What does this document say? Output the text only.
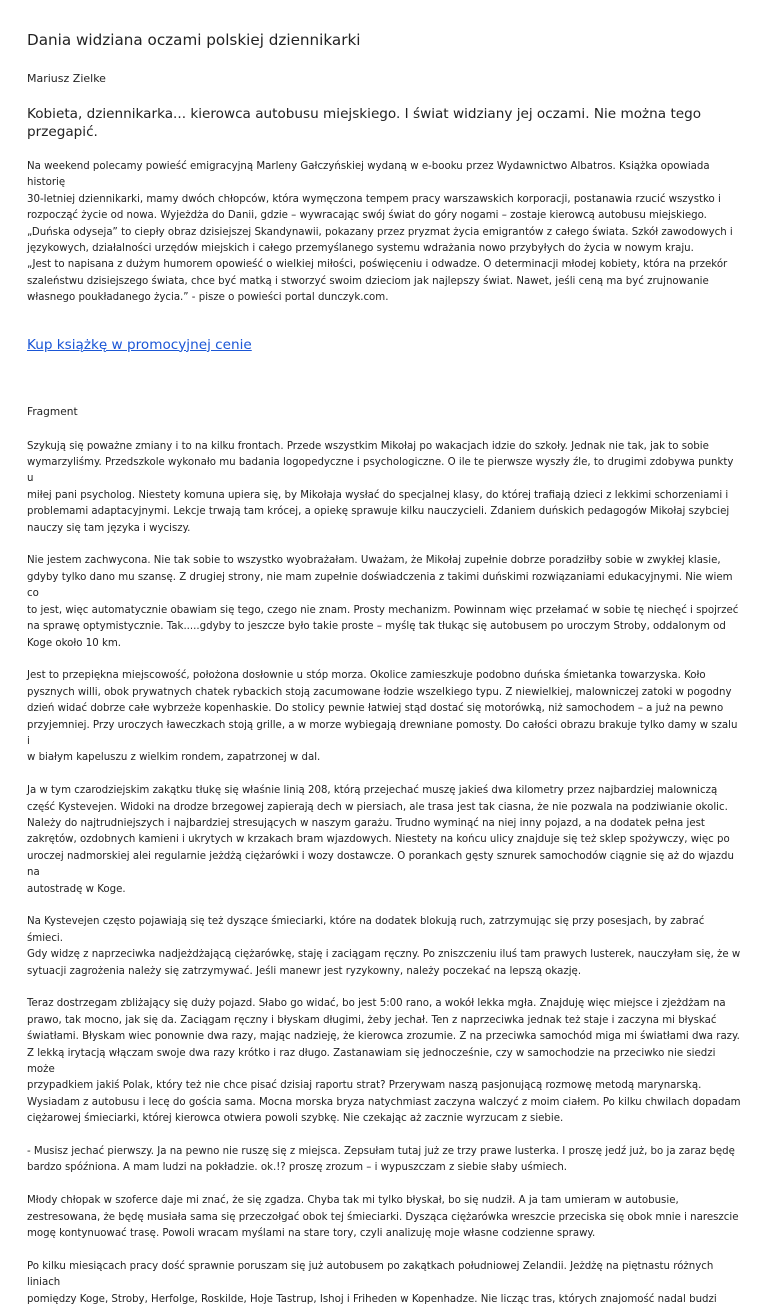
Dania widziana oczami polskiej dziennikarki

Mariusz Zielke

Kobieta, dziennikarka... kierowca autobusu miejskiego. I świat widziany jej oczami. Nie można tego przegapić.

Na weekend polecamy powieść emigracyjną Marleny Gałczyńskiej wydaną w e-booku przez Wydawnictwo Albatros. Książka opowiada historię
30-letniej dziennikarki, mamy dwóch chłopców, która wymęczona tempem pracy warszawskich korporacji, postanawia rzucić wszystko i
rozpocząć życie od nowa. Wyjeżdża do Danii, gdzie – wywracając swój świat do góry nogami – zostaje kierowcą autobusu miejskiego.
„Duńska odyseja” to ciepły obraz dzisiejszej Skandynawii, pokazany przez pryzmat życia emigrantów z całego świata. Szkół zawodowych i
językowych, działalności urzędów miejskich i całego przemyślanego systemu wdrażania nowo przybyłych do życia w nowym kraju.
„Jest to napisana z dużym humorem opowieść o wielkiej miłości, poświęceniu i odwadze. O determinacji młodej kobiety, która na przekór
szaleństwu dzisiejszego świata, chce być matką i stworzyć swoim dzieciom jak najlepszy świat. Nawet, jeśli ceną ma być zrujnowanie
własnego poukładanego życia.” - pisze o powieści portal dunczyk.com.
Kup książkę w promocyjnej cenie

Fragment

Szykują się poważne zmiany i to na kilku frontach. Przede wszystkim Mikołaj po wakacjach idzie do szkoły. Jednak nie tak, jak to sobie
wymarzyliśmy. Przedszkole wykonało mu badania logopedyczne i psychologiczne. O ile te pierwsze wyszły źle, to drugimi zdobywa punkty u
miłej pani psycholog. Niestety komuna upiera się, by Mikołaja wysłać do specjalnej klasy, do której trafiają dzieci z lekkimi schorzeniami i
problemami adaptacyjnymi. Lekcje trwają tam krócej, a opiekę sprawuje kilku nauczycieli. Zdaniem duńskich pedagogów Mikołaj szybciej
nauczy się tam języka i wyciszy.

Nie jestem zachwycona. Nie tak sobie to wszystko wyobrażałam. Uważam, że Mikołaj zupełnie dobrze poradziłby sobie w zwykłej klasie,
gdyby tylko dano mu szansę. Z drugiej strony, nie mam zupełnie doświadczenia z takimi duńskimi rozwiązaniami edukacyjnymi. Nie wiem co
to jest, więc automatycznie obawiam się tego, czego nie znam. Prosty mechanizm. Powinnam więc przełamać w sobie tę niechęć i spojrzeć
na sprawę optymistycznie. Tak.....gdyby to jeszcze było takie proste – myślę tak tłukąc się autobusem po uroczym Stroby, oddalonym od
Koge około 10 km.

Jest to przepiękna miejscowość, położona dosłownie u stóp morza. Okolice zamieszkuje podobno duńska śmietanka towarzyska. Koło
pysznych willi, obok prywatnych chatek rybackich stoją zacumowane łodzie wszelkiego typu. Z niewielkiej, malowniczej zatoki w pogodny
dzień widać dobrze całe wybrzeże kopenhaskie. Do stolicy pewnie łatwiej stąd dostać się motorówką, niż samochodem – a już na pewno
przyjemniej. Przy uroczych ławeczkach stoją grille, a w morze wybiegają drewniane pomosty. Do całości obrazu brakuje tylko damy w szalu i
w białym kapeluszu z wielkim rondem, zapatrzonej w dal.

Ja w tym czarodziejskim zakątku tłukę się właśnie linią 208, którą przejechać muszę jakieś dwa kilometry przez najbardziej malowniczą
część Kystevejen. Widoki na drodze brzegowej zapierają dech w piersiach, ale trasa jest tak ciasna, że nie pozwala na podziwianie okolic.
Należy do najtrudniejszych i najbardziej stresujących w naszym garażu. Trudno wyminąć na niej inny pojazd, a na dodatek pełna jest
zakrętów, ozdobnych kamieni i ukrytych w krzakach bram wjazdowych. Niestety na końcu ulicy znajduje się też sklep spożywczy, więc po
uroczej nadmorskiej alei regularnie jeżdżą ciężarówki i wozy dostawcze. O porankach gęsty sznurek samochodów ciągnie się aż do wjazdu na
autostradę w Koge.

Na Kystevejen często pojawiają się też dyszące śmieciarki, które na dodatek blokują ruch, zatrzymując się przy posesjach, by zabrać śmieci.
Gdy widzę z naprzeciwka nadjeżdżającą ciężarówkę, staję i zaciągam ręczny. Po zniszczeniu iluś tam prawych lusterek, nauczyłam się, że w
sytuacji zagrożenia należy się zatrzymywać. Jeśli manewr jest ryzykowny, należy poczekać na lepszą okazję.

Teraz dostrzegam zbliżający się duży pojazd. Słabo go widać, bo jest 5:00 rano, a wokół lekka mgła. Znajduję więc miejsce i zjeżdżam na
prawo, tak mocno, jak się da. Zaciągam ręczny i błyskam długimi, żeby jechał. Ten z naprzeciwka jednak też staje i zaczyna mi błyskać
światłami. Błyskam wiec ponownie dwa razy, mając nadzieję, że kierowca zrozumie. Z na przeciwka samochód miga mi światłami dwa razy.
Z lekką irytacją włączam swoje dwa razy krótko i raz długo. Zastanawiam się jednocześnie, czy w samochodzie na przeciwko nie siedzi może
przypadkiem jakiś Polak, który też nie chce pisać dzisiaj raportu strat? Przerywam naszą pasjonującą rozmowę metodą marynarską.
Wysiadam z autobusu i lecę do gościa sama. Mocna morska bryza natychmiast zaczyna walczyć z moim ciałem. Po kilku chwilach dopadam
ciężarowej śmieciarki, której kierowca otwiera powoli szybkę. Nie czekając aż zacznie wyrzucam z siebie.

- Musisz jechać pierwszy. Ja na pewno nie ruszę się z miejsca. Zepsułam tutaj już ze trzy prawe lusterka. I proszę jedź już, bo ja zaraz będę
bardzo spóźniona. A mam ludzi na pokładzie. ok.!? proszę zrozum – i wypuszczam z siebie słaby uśmiech.

Młody chłopak w szoferce daje mi znać, że się zgadza. Chyba tak mi tylko błyskał, bo się nudził. A ja tam umieram w autobusie,
zestresowana, że będę musiała sama się przeczołgać obok tej śmieciarki. Dysząca ciężarówka wreszcie przeciska się obok mnie i nareszcie
mogę kontynuować trasę. Powoli wracam myślami na stare tory, czyli analizuję moje własne codzienne sprawy.

Po kilku miesiącach pracy dość sprawnie poruszam się już autobusem po zakątkach południowej Zelandii. Jeżdżę na piętnastu różnych liniach
pomiędzy Koge, Stroby, Herfolge, Roskilde, Hoje Tastrup, Ishoj i Friheden w Kopenhadze. Nie licząc tras, których znajomość nadal budzi
